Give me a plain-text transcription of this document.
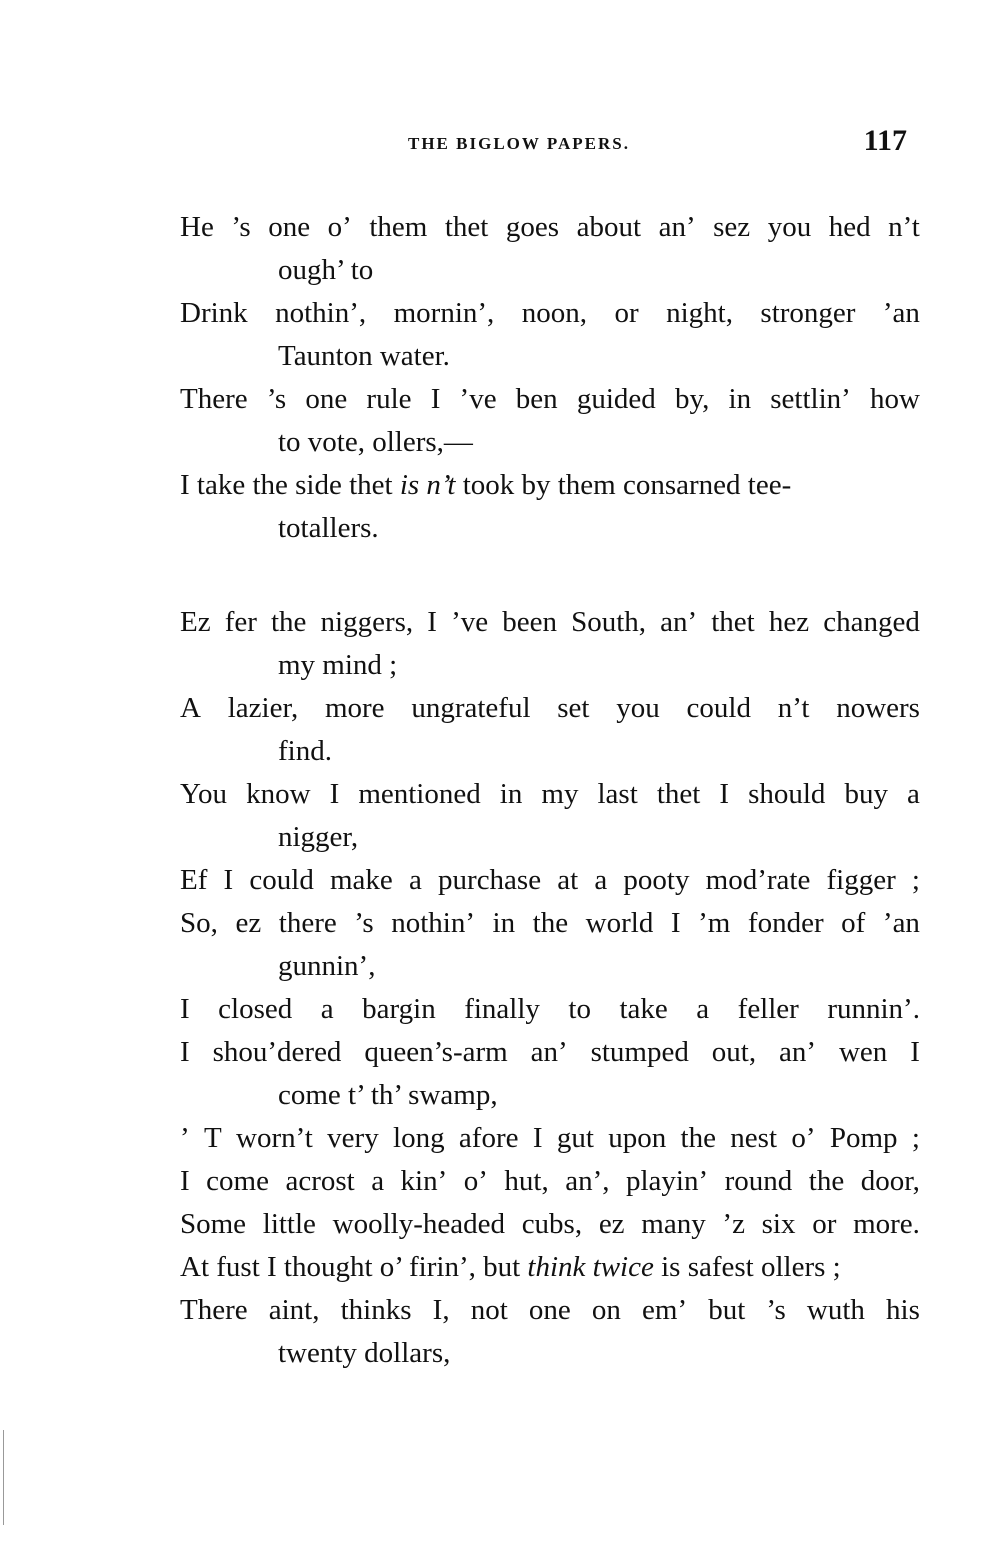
THE BIGLOW PAPERS.	117
He ’s one o’ them thet goes about an’ sez you hed n’t
ough’ to
Drink nothin’, mornin’, noon, or night, stronger ’an
Taunton water.
There ’s one rule I ’ve ben guided by, in settlin’ how
to vote, ollers,—
I take the side thet
is n’t
took by them consarned tee-
totallers.
Ez fer the niggers, I ’ve been South, an’ thet hez changed
my mind ;
A lazier, more ungrateful set you could n’t nowers
find.
You know I mentioned in my last thet I should buy a
nigger,
Ef I could make a purchase at a pooty mod’rate figger ;
So, ez there ’s nothin’ in the world I ’m fonder of ’an
gunnin’,
I closed a bargin finally to take a feller runnin’.
I shou’dered queen’s-arm an’ stumped out, an’ wen I
come t’ th’ swamp,
’ T worn’t very long afore I gut upon the nest o’ Pomp ;
I come acrost a kin’ o’ hut, an’, playin’ round the door,
Some little woolly-headed cubs, ez many ’z six or more.
At fust I thought o’ firin’, but
think twice
is safest ollers ;
There aint, thinks I, not one on em’ but ’s wuth his
twenty dollars,
